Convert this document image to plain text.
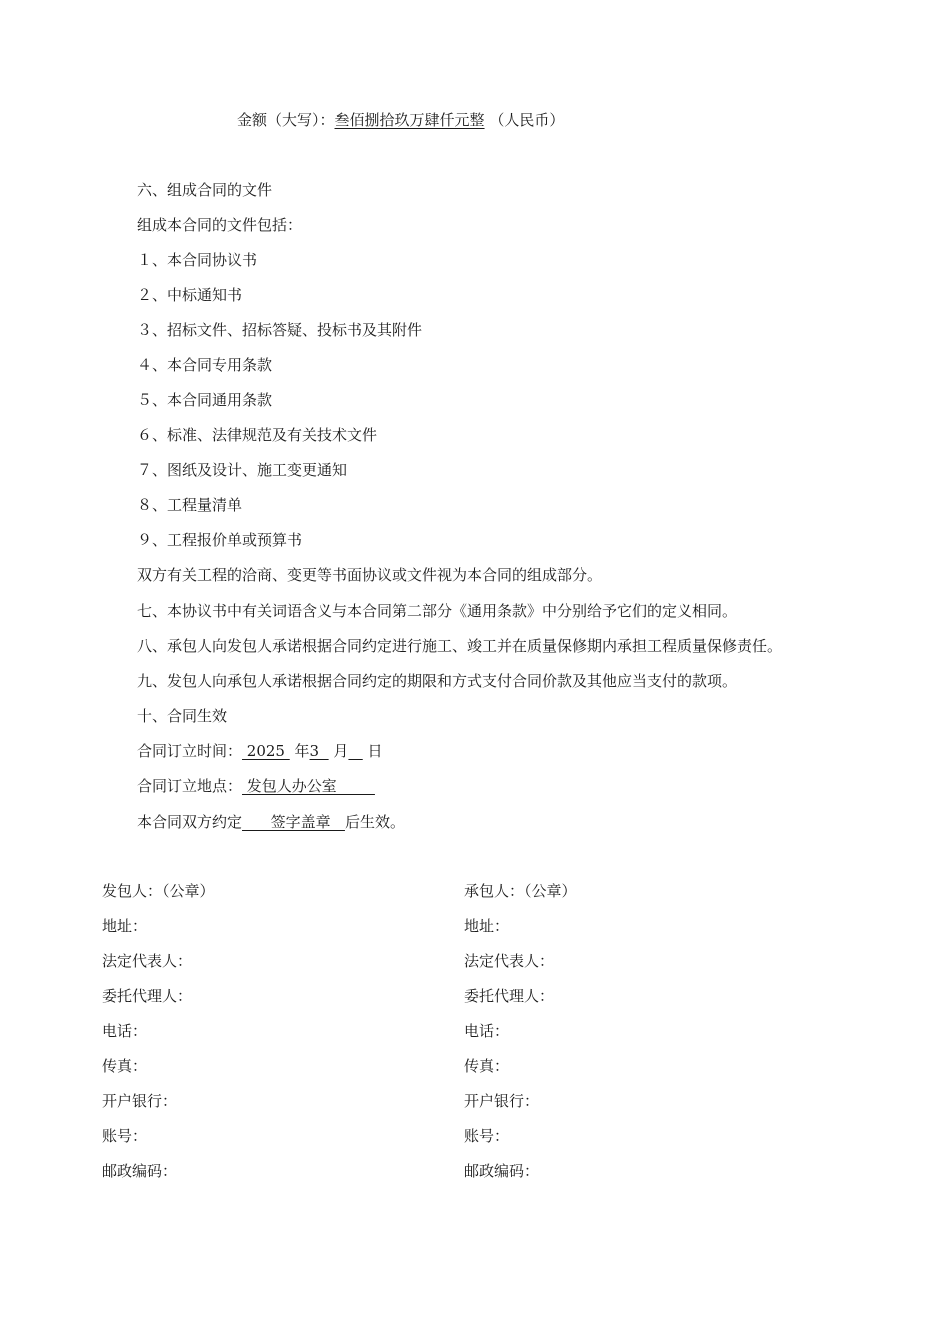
金额（大写）：叁佰捌拾玖万肆仟元整 （人民币）
六、组成合同的文件
组成本合同的文件包括：
１、本合同协议书
２、中标通知书
３、招标文件、招标答疑、投标书及其附件
４、本合同专用条款
５、本合同通用条款
６、标准、法律规范及有关技术文件
７、图纸及设计、施工变更通知
８、工程量清单
９、工程报价单或预算书
双方有关工程的洽商、变更等书面协议或文件视为本合同的组成部分。
七、本协议书中有关词语含义与本合同第二部分《通用条款》中分别给予它们的定义相同。
八、承包人向发包人承诺根据合同约定进行施工、竣工并在质量保修期内承担工程质量保修责任。
九、发包人向承包人承诺根据合同约定的期限和方式支付合同价款及其他应当支付的款项。
十、合同生效
合同订立时间： 2025  年3   月 日
合同订立地点： 发包人办公室
本合同双方约定      签字盖章   后生效。
发包人：（公章）
地址：
法定代表人：
委托代理人：
电话：
传真：
开户银行：
账号：
邮政编码：
承包人：（公章）
地址：
法定代表人：
委托代理人：
电话：
传真：
开户银行：
账号：
邮政编码：
